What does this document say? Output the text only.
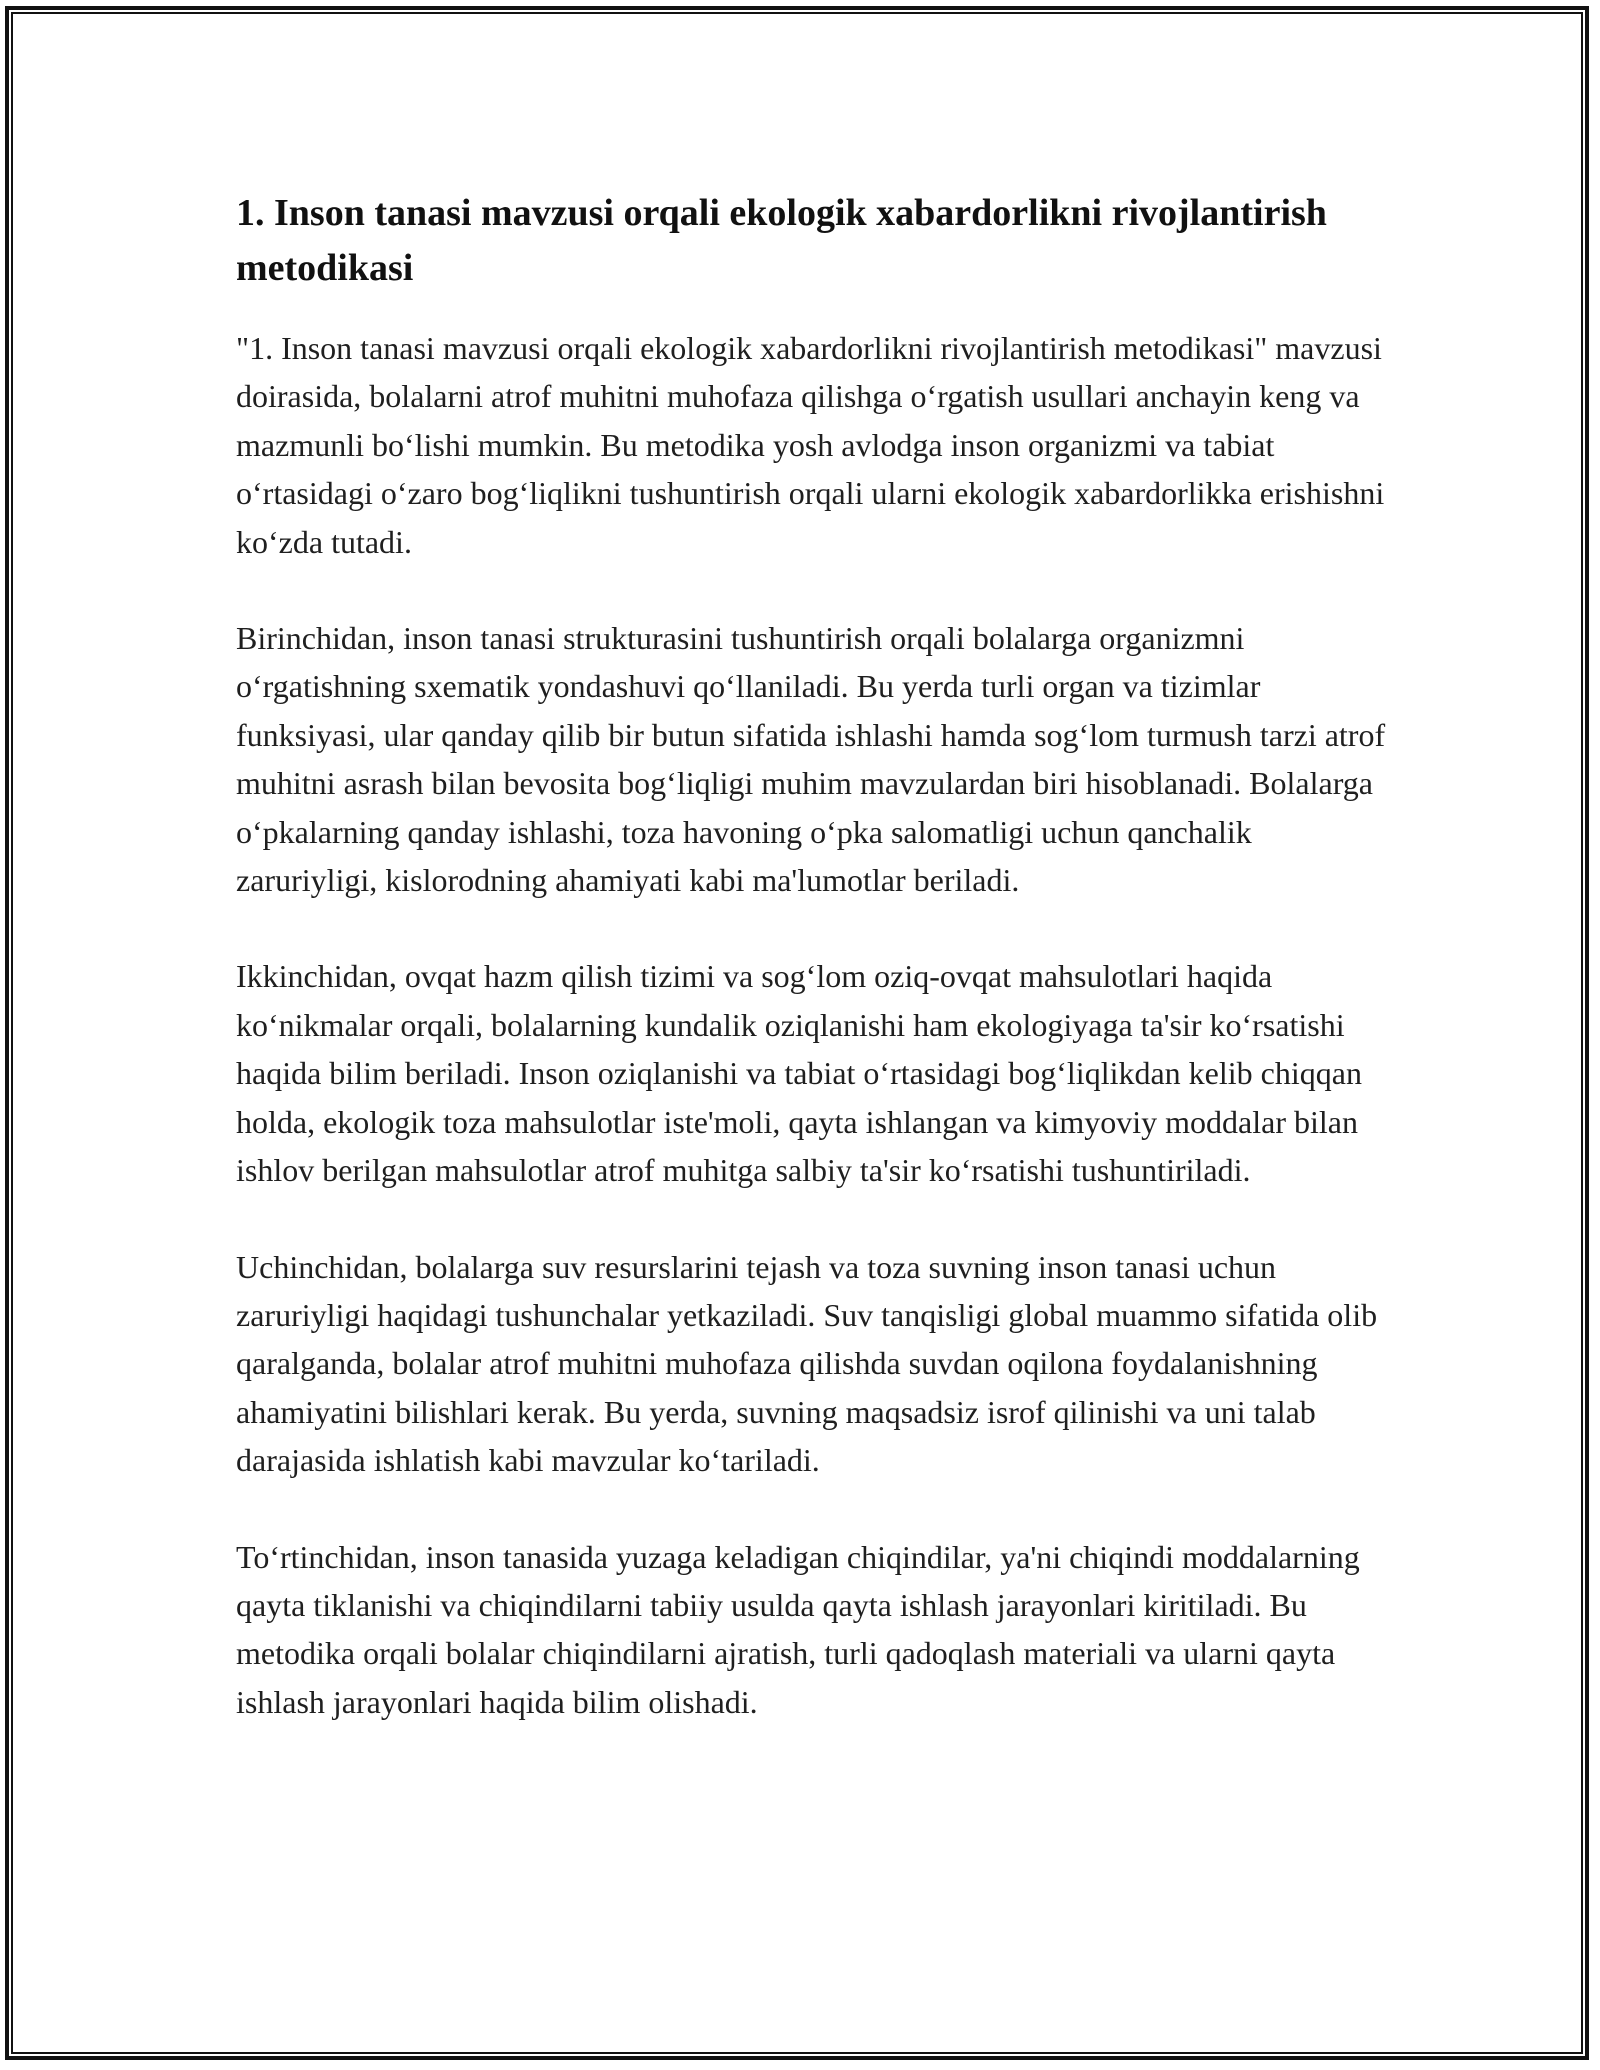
1. Inson tanasi mavzusi orqali ekologik xabardorlikni rivojlantirish metodikasi

"1. Inson tanasi mavzusi orqali ekologik xabardorlikni rivojlantirish metodikasi" mavzusi doirasida, bolalarni atrof muhitni muhofaza qilishga o‘rgatish usullari anchayin keng va mazmunli bo‘lishi mumkin. Bu metodika yosh avlodga inson organizmi va tabiat o‘rtasidagi o‘zaro bog‘liqlikni tushuntirish orqali ularni ekologik xabardorlikka erishishni ko‘zda tutadi.

Birinchidan, inson tanasi strukturasini tushuntirish orqali bolalarga organizmni o‘rgatishning sxematik yondashuvi qo‘llaniladi. Bu yerda turli organ va tizimlar funksiyasi, ular qanday qilib bir butun sifatida ishlashi hamda sog‘lom turmush tarzi atrof muhitni asrash bilan bevosita bog‘liqligi muhim mavzulardan biri hisoblanadi. Bolalarga o‘pkalarning qanday ishlashi, toza havoning o‘pka salomatligi uchun qanchalik zaruriyligi, kislorodning ahamiyati kabi ma'lumotlar beriladi.

Ikkinchidan, ovqat hazm qilish tizimi va sog‘lom oziq-ovqat mahsulotlari haqida ko‘nikmalar orqali, bolalarning kundalik oziqlanishi ham ekologiyaga ta'sir ko‘rsatishi haqida bilim beriladi. Inson oziqlanishi va tabiat o‘rtasidagi bog‘liqlikdan kelib chiqqan holda, ekologik toza mahsulotlar iste'moli, qayta ishlangan va kimyoviy moddalar bilan ishlov berilgan mahsulotlar atrof muhitga salbiy ta'sir ko‘rsatishi tushuntiriladi.

Uchinchidan, bolalarga suv resurslarini tejash va toza suvning inson tanasi uchun zaruriyligi haqidagi tushunchalar yetkaziladi. Suv tanqisligi global muammo sifatida olib qaralganda, bolalar atrof muhitni muhofaza qilishda suvdan oqilona foydalanishning ahamiyatini bilishlari kerak. Bu yerda, suvning maqsadsiz isrof qilinishi va uni talab darajasida ishlatish kabi mavzular ko‘tariladi.

To‘rtinchidan, inson tanasida yuzaga keladigan chiqindilar, ya'ni chiqindi moddalarning qayta tiklanishi va chiqindilarni tabiiy usulda qayta ishlash jarayonlari kiritiladi. Bu metodika orqali bolalar chiqindilarni ajratish, turli qadoqlash materiali va ularni qayta ishlash jarayonlari haqida bilim olishadi.
